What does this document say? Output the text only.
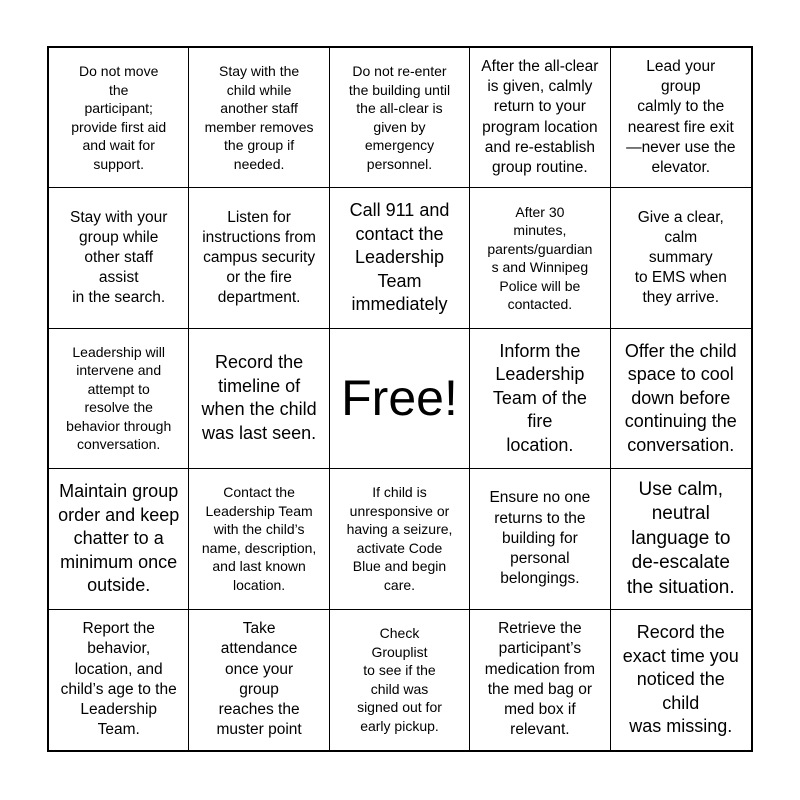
Do not move
the
participant;
provide first aid
and wait for
support.
Stay with the
child while
another staff
member removes
the group if
needed.
Do not re-enter
the building until
the all-clear is
given by
emergency
personnel.
After the all-clear
is given, calmly
return to your
program location
and re-establish
group routine.
Lead your
group
calmly to the
nearest fire exit
—never use the
elevator.
Stay with your
group while
other staff
assist
in the search.
Listen for
instructions from
campus security
or the fire
department.
Call 911 and
contact the
Leadership
Team
immediately
After 30
minutes,
parents/guardian
s and Winnipeg
Police will be
contacted.
Give a clear,
calm
summary
to EMS when
they arrive.
Leadership will
intervene and
attempt to
resolve the
behavior through
conversation.
Record the
timeline of
when the child
was last seen.
Free!
Inform the
Leadership
Team of the
fire
location.
Offer the child
space to cool
down before
continuing the
conversation.
Maintain group
order and keep
chatter to a
minimum once
outside.
Contact the
Leadership Team
with the child’s
name, description,
and last known
location.
If child is
unresponsive or
having a seizure,
activate Code
Blue and begin
care.
Ensure no one
returns to the
building for
personal
belongings.
Use calm,
neutral
language to
de-escalate
the situation.
Report the
behavior,
location, and
child’s age to the
Leadership
Team.
Take
attendance
once your
group
reaches the
muster point
Check
Grouplist
to see if the
child was
signed out for
early pickup.
Retrieve the
participant’s
medication from
the med bag or
med box if
relevant.
Record the
exact time you
noticed the
child
was missing.
